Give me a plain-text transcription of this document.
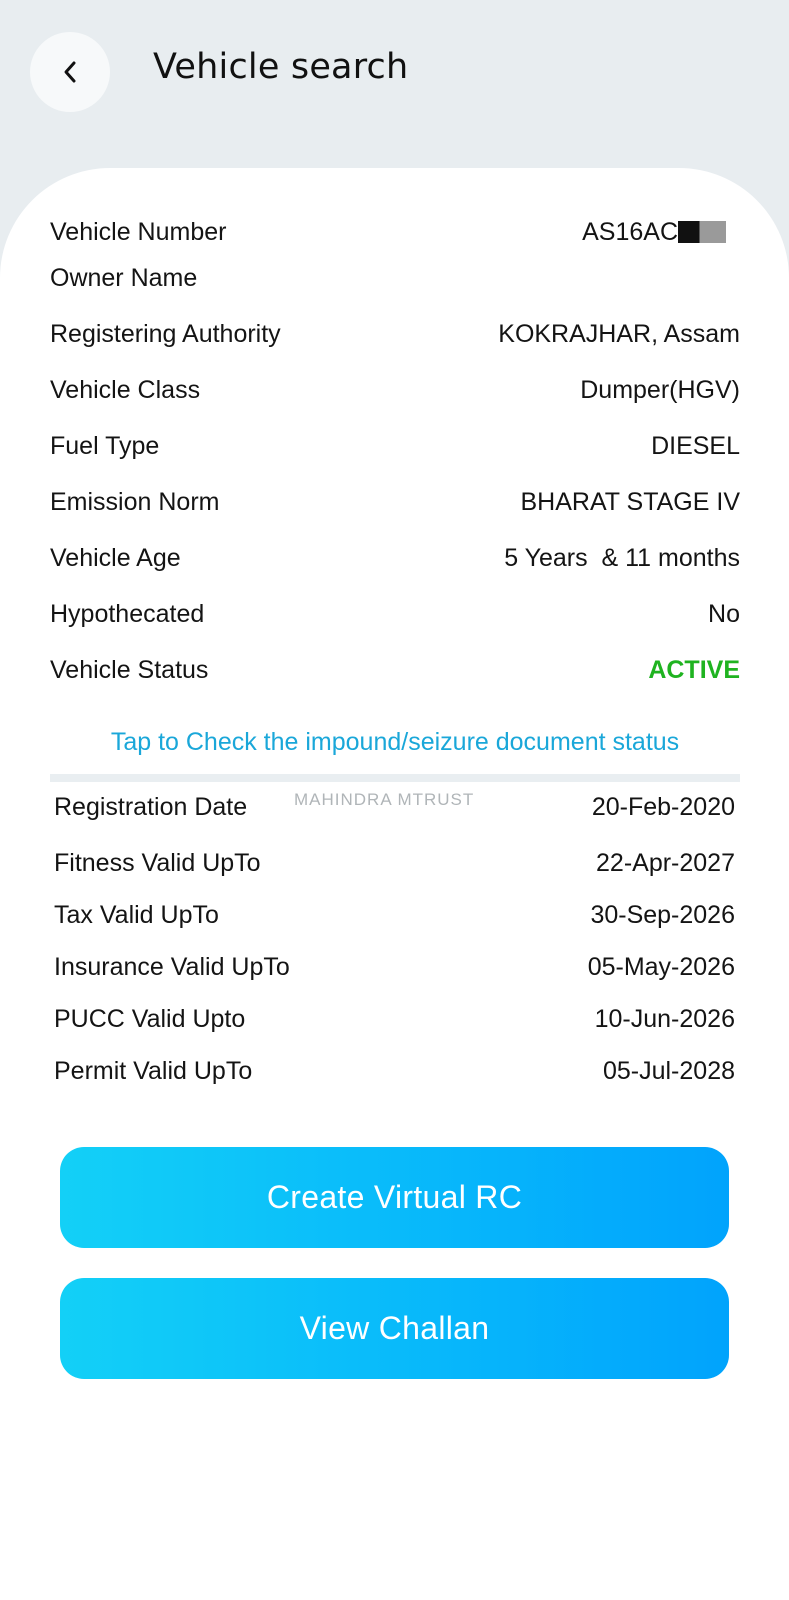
Vehicle search
Vehicle Number	AS16AC
Owner Name
Registering Authority	KOKRAJHAR, Assam
Vehicle Class	Dumper(HGV)
Fuel Type	DIESEL
Emission Norm	BHARAT STAGE IV
Vehicle Age	5 Years  & 11 months
Hypothecated	No
Vehicle Status	ACTIVE
Tap to Check the impound/seizure document status
MAHINDRA MTRUST
Registration Date	20-Feb-2020
Fitness Valid UpTo	22-Apr-2027
Tax Valid UpTo	30-Sep-2026
Insurance Valid UpTo	05-May-2026
PUCC Valid Upto	10-Jun-2026
Permit Valid UpTo	05-Jul-2028
Create Virtual RC
View Challan
